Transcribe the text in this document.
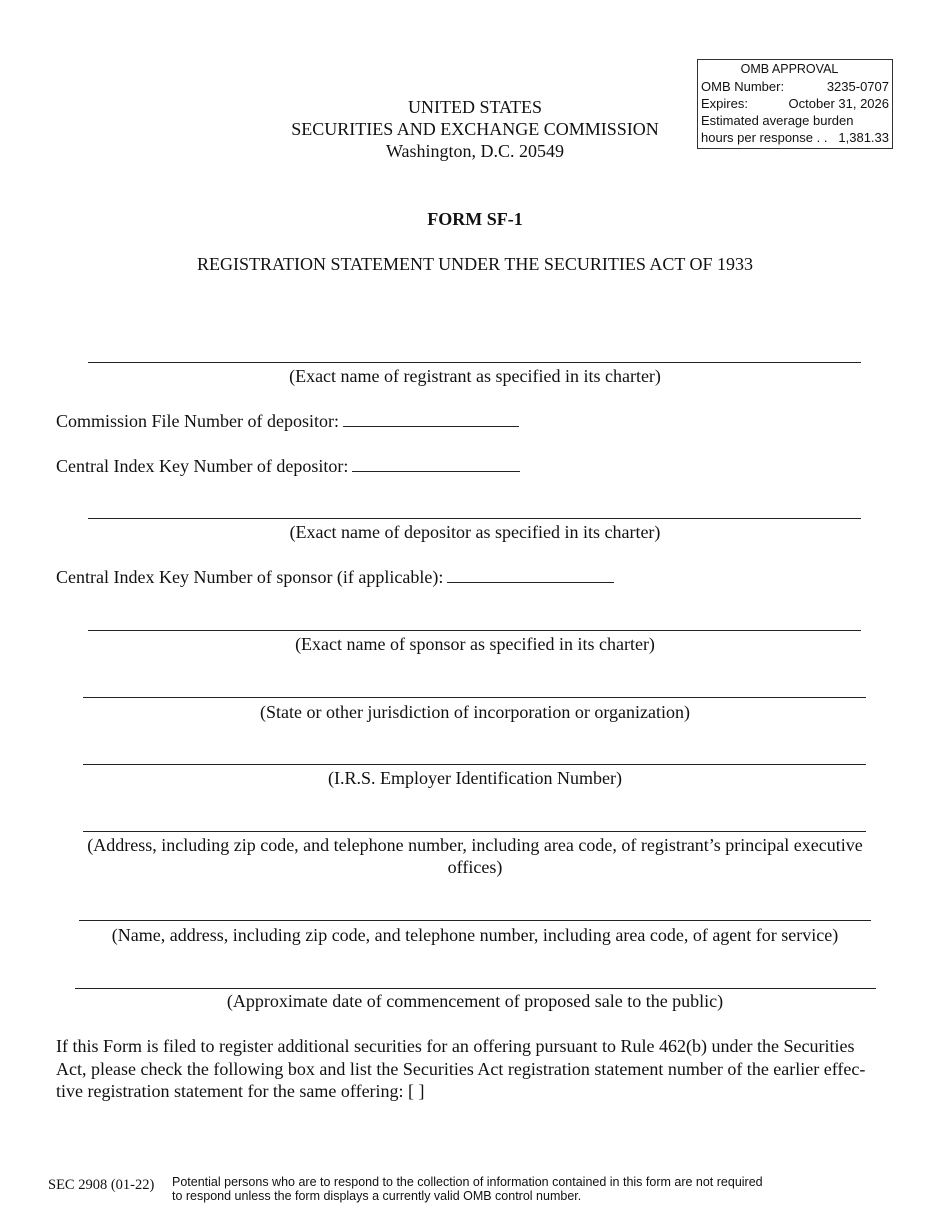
OMB APPROVAL
OMB Number:	3235-0707
Expires:	October 31, 2026
Estimated average burden
hours per response . . 1,381.33
UNITED STATES
SECURITIES AND EXCHANGE COMMISSION
Washington, D.C. 20549
FORM SF-1
REGISTRATION STATEMENT UNDER THE SECURITIES ACT OF 1933
(Exact name of registrant as specified in its charter)
Commission File Number of depositor:
Central Index Key Number of depositor:
(Exact name of depositor as specified in its charter)
Central Index Key Number of sponsor (if applicable):
(Exact name of sponsor as specified in its charter)
(State or other jurisdiction of incorporation or organization)
(I.R.S. Employer Identification Number)
(Address, including zip code, and telephone number, including area code, of registrant’s principal executive
offices)
(Name, address, including zip code, and telephone number, including area code, of agent for service)
(Approximate date of commencement of proposed sale to the public)
If this Form is filed to register additional securities for an offering pursuant to Rule 462(b) under the Securities
Act, please check the following box and list the Securities Act registration statement number of the earlier effec-
tive registration statement for the same offering: [ ]
SEC 2908 (01-22) Potential persons who are to respond to the collection of information contained in this form are not required
to respond unless the form displays a currently valid OMB control number.
